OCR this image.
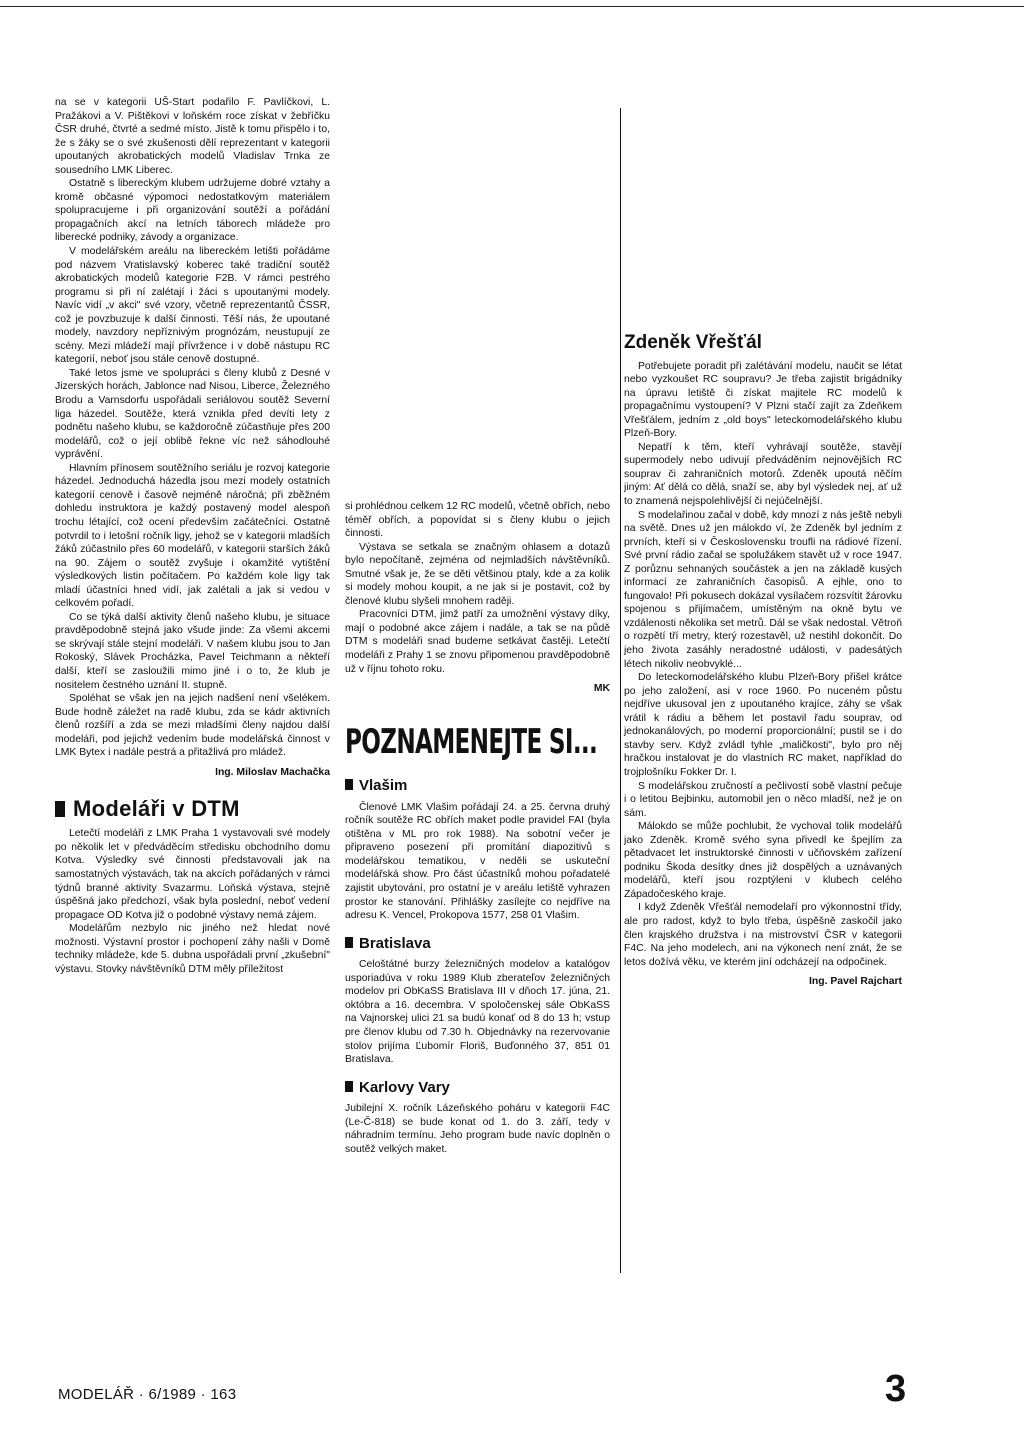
na se v kategorii UŠ-Start podařilo F. Pavlíčkovi, L. Pražákovi a V. Pištěkovi v loňském roce získat v žebříčku ČSR druhé, čtvrté a sedmé místo. Jistě k tomu přispělo i to, že s žáky se o své zkušenosti dělí reprezentant v kategorii upoutaných akrobatických modelů Vladislav Trnka ze sousedního LMK Liberec.

Ostatně s libereckým klubem udržujeme dobré vztahy a kromě občasné výpomoci nedostatkovým materiálem spolupracujeme i při organizování soutěží a pořádání propagačních akcí na letních táborech mládeže pro liberecké podniky, závody a organizace.

V modelářském areálu na libereckém letišti pořádáme pod názvem Vratislavský koberec také tradiční soutěž akrobatických modelů kategorie F2B. V rámci pestrého programu si při ní zalétají i žáci s upoutanými modely. Navíc vidí „v akci" své vzory, včetně reprezentantů ČSSR, což je povzbuzuje k další činnosti. Těší nás, že upoutané modely, navzdory nepříznivým prognózám, neustupují ze scény. Mezi mládeží mají přívržence i v době nástupu RC kategorií, neboť jsou stále cenově dostupné.

Také letos jsme ve spolupráci s členy klubů z Desné v Jizerských horách, Jablonce nad Nisou, Liberce, Železného Brodu a Varnsdorfu uspořádali seriálovou soutěž Severní liga házedel. Soutěže, která vznikla před devíti lety z podnětu našeho klubu, se každoročně zúčastňuje přes 200 modelářů, což o její oblibě řekne víc než sáhodlouhé vyprávění.

Hlavním přínosem soutěžního seriálu je rozvoj kategorie házedel. Jednoduchá házedla jsou mezi modely ostatních kategorií cenově i časově nejméně náročná; při zběžném dohledu instruktora je každý postavený model alespoň trochu létající, což ocení především začátečníci. Ostatně potvrdil to i letošní ročník ligy, jehož se v kategorii mladších žáků zúčastnilo přes 60 modelářů, v kategorii starších žáků na 90. Zájem o soutěž zvyšuje i okamžité vytištění výsledkových listin počítačem. Po každém kole ligy tak mladí účastníci hned vidí, jak zalétali a jak si vedou v celkovém pořadí.

Co se týká další aktivity členů našeho klubu, je situace pravděpodobně stejná jako všude jinde: Za všemi akcemi se skrývají stále stejní modeláři. V našem klubu jsou to Jan Rokoský, Slávek Procházka, Pavel Teichmann a někteří další, kteří se zasloužili mimo jiné i o to, že klub je nositelem čestného uznání II. stupně.

Spoléhat se však jen na jejich nadšení není všelékem. Bude hodně záležet na radě klubu, zda se kádr aktivních členů rozšíří a zda se mezi mladšími členy najdou další modeláři, pod jejichž vedením bude modelářská činnost v LMK Bytex i nadále pestrá a přitažlivá pro mládež.

Ing. Miloslav Machačka
Modeláři v DTM

Letečtí modeláři z LMK Praha 1 vystavovali své modely po několik let v předváděcím středisku obchodního domu Kotva. Výsledky své činnosti představovali jak na samostatných výstavách, tak na akcích pořádaných v rámci týdnů branné aktivity Svazarmu. Loňská výstava, stejně úspěšná jako předchozí, však byla poslední, neboť vedení propagace OD Kotva již o podobné výstavy nemá zájem.

Modelářům nezbylo nic jiného než hledat nové možnosti. Výstavní prostor i pochopení záhy našli v Domě techniky mládeže, kde 5. dubna uspořádali první „zkušební" výstavu. Stovky návštěvníků DTM měly příležitost

si prohlédnou celkem 12 RC modelů, včetně obřích, nebo téměř obřích, a popovídat si s členy klubu o jejich činnosti.

Výstava se setkala se značným ohlasem a dotazů bylo nepočítaně, zejména od nejmladších návštěvníků. Smutné však je, že se děti většinou ptaly, kde a za kolik si modely mohou koupit, a ne jak si je postavit, což by členové klubu slyšeli mnohem raději.

Pracovníci DTM, jimž patří za umožnění výstavy díky, mají o podobné akce zájem i nadále, a tak se na půdě DTM s modeláři snad budeme setkávat častěji. Letečtí modeláři z Prahy 1 se znovu připomenou pravděpodobně už v říjnu tohoto roku.

MK
POZNAMENEJTE SI...
Vlašim

Členové LMK Vlašim pořádají 24. a 25. června druhý ročník soutěže RC obřích maket podle pravidel FAI (byla otištěna v ML pro rok 1988). Na sobotní večer je připraveno posezení při promítání diapozitivů s modelářskou tematikou, v neděli se uskuteční modelářská show. Pro část účastníků mohou pořadatelé zajistit ubytování, pro ostatní je v areálu letiště vyhrazen prostor ke stanování. Přihlášky zasílejte co nejdříve na adresu K. Vencel, Prokopova 1577, 258 01 Vlašim.

Bratislava

Celoštátné burzy železničných modelov a katalógov usporiadúva v roku 1989 Klub zberateľov železničných modelov pri ObKaSS Bratislava III v dňoch 17. júna, 21. októbra a 16. decembra. V spoločenskej sále ObKaSS na Vajnorskej ulici 21 sa budú konať od 8 do 13 h; vstup pre členov klubu od 7.30 h. Objednávky na rezervovanie stolov prijíma Ľubomír Floriš, Buďonného 37, 851 01 Bratislava.

Karlovy Vary

Jubilejní X. ročník Lázeňského poháru v kategorii F4C (Le-Č-818) se bude konat od 1. do 3. září, tedy v náhradním termínu. Jeho program bude navíc doplněn o soutěž velkých maket.

Zdeněk Vřešťál

Potřebujete poradit při zalétávání modelu, naučit se létat nebo vyzkoušet RC soupravu? Je třeba zajistit brigádníky na úpravu letiště či získat majitele RC modelů k propagačnímu vystoupení? V Plzni stačí zajít za Zdeňkem Vřešťálem, jedním z „old boys" leteckomodelářského klubu Plzeň-Bory.

Nepatří k těm, kteří vyhrávají soutěže, stavějí supermodely nebo udivují předváděním nejnovějších RC souprav či zahraničních motorů. Zdeněk upoutá něčím jiným: Ať dělá co dělá, snaží se, aby byl výsledek nej, ať už to znamená nejspolehlivější či nejúčelnější.

S modelařinou začal v době, kdy mnozí z nás ještě nebyli na světě. Dnes už jen málokdo ví, že Zdeněk byl jedním z prvních, kteří si v Československu troufli na rádiové řízení. Své první rádio začal se spolužákem stavět už v roce 1947. Z porůznu sehnaných součástek a jen na základě kusých informací ze zahraničních časopisů. A ejhle, ono to fungovalo! Při pokusech dokázal vysílačem rozsvítit žárovku spojenou s přijímačem, umístěným na okně bytu ve vzdálenosti několika set metrů. Dál se však nedostal. Větroň o rozpětí tří metry, který rozestavěl, už nestihl dokončit. Do jeho života zasáhly neradostné události, v padesátých létech nikoliv neobvyklé...

Do leteckomodelářského klubu Plzeň-Bory přišel krátce po jeho založení, asi v roce 1960. Po nuceném půstu nejdříve ukusoval jen z upoutaného krajíce, záhy se však vrátil k rádiu a během let postavil řadu souprav, od jednokanálových, po moderní proporcionální; pustil se i do stavby serv. Když zvládl tyhle „maličkosti", bylo pro něj hračkou instalovat je do vlastních RC maket, například do trojplošníku Fokker Dr. I.

S modelářskou zručností a pečlivostí sobě vlastní pečuje i o letitou Bejbinku, automobil jen o něco mladší, než je on sám.

Málokdo se může pochlubit, že vychoval tolik modelářů jako Zdeněk. Kromě svého syna přivedl ke špejlím za pětadvacet let instruktorské činnosti v učňovském zařízení podniku Škoda desítky dnes již dospělých a uznávaných modelářů, kteří jsou rozptýleni v klubech celého Západočeského kraje.

I když Zdeněk Vřešťál nemodelaří pro výkonnostní třídy, ale pro radost, když to bylo třeba, úspěšně zaskočil jako člen krajského družstva i na mistrovství ČSR v kategorii F4C. Na jeho modelech, ani na výkonech není znát, že se letos dožívá věku, ve kterém jiní odcházejí na odpočinek.

Ing. Pavel Rajchart
MODELÁŘ · 6/1989 · 163	3
